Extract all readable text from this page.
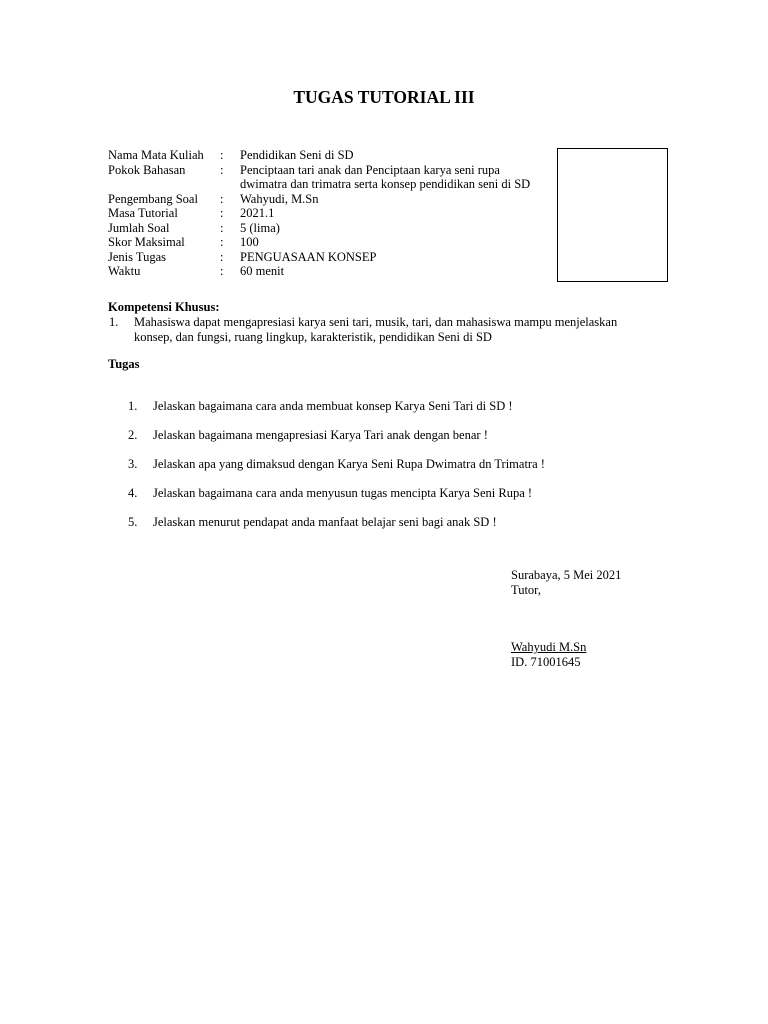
TUGAS TUTORIAL III
Nama Mata Kuliah	:	Pendidikan Seni di SD
Pokok Bahasan	:	Penciptaan tari anak dan Penciptaan karya seni rupa dwimatra dan trimatra serta konsep pendidikan seni di SD
Pengembang Soal	:	Wahyudi, M.Sn
Masa Tutorial	:	2021.1
Jumlah Soal	:	5 (lima)
Skor Maksimal	:	100
Jenis Tugas	:	PENGUASAAN KONSEP
Waktu	:	60 menit
Kompetensi Khusus:
1.	Mahasiswa dapat mengapresiasi karya seni tari, musik, tari, dan mahasiswa mampu menjelaskan konsep, dan fungsi, ruang lingkup, karakteristik, pendidikan Seni di SD
Tugas
1.	Jelaskan bagaimana cara anda membuat konsep Karya Seni Tari di SD !
2.	Jelaskan bagaimana mengapresiasi Karya Tari anak dengan benar !
3.	Jelaskan apa yang dimaksud dengan Karya Seni Rupa Dwimatra dn Trimatra !
4.	Jelaskan bagaimana cara anda menyusun tugas mencipta Karya Seni Rupa !
5.	Jelaskan menurut pendapat anda manfaat belajar seni bagi anak SD !
Surabaya, 5 Mei 2021
Tutor,
Wahyudi M.Sn
ID. 71001645
